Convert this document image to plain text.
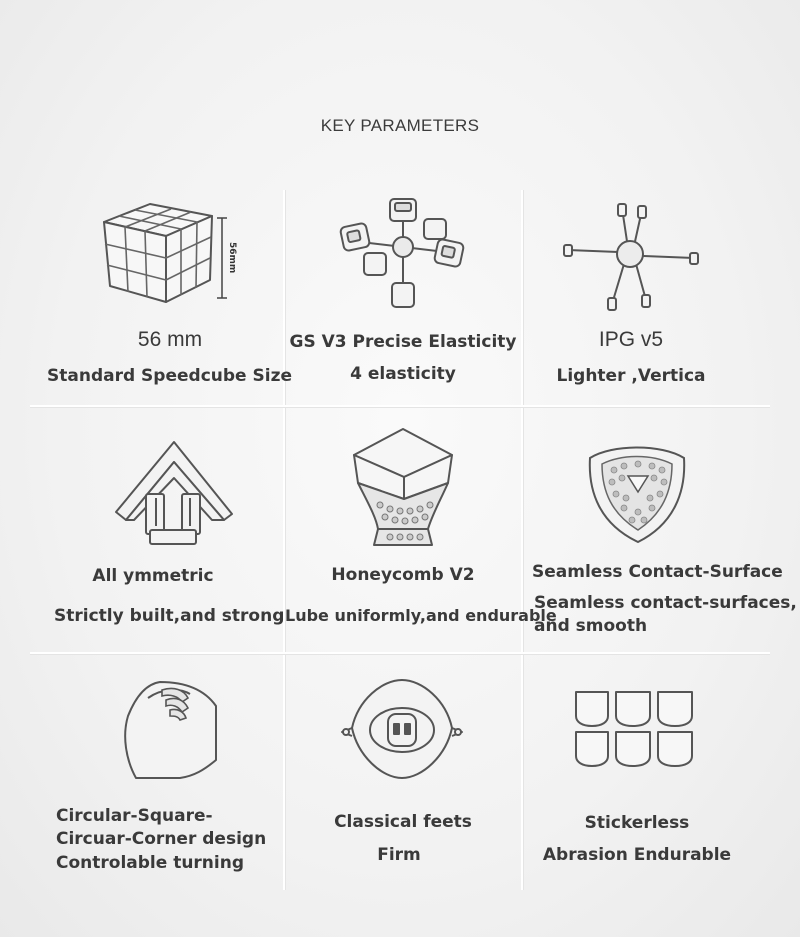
KEY PARAMETERS
56mm
56 mm
Standard Speedcube Size
GS V3 Precise Elasticity
4 elasticity
IPG v5
Lighter ,Vertica
All ymmetric
Strictly built,and strong
Honeycomb V2
Lube uniformly,and endurable
Seamless Contact-Surface
Seamless contact-surfaces,
and smooth
Circular-Square-
Circuar-Corner design
Controlable turning
Classical feets
Firm
Stickerless
Abrasion Endurable
